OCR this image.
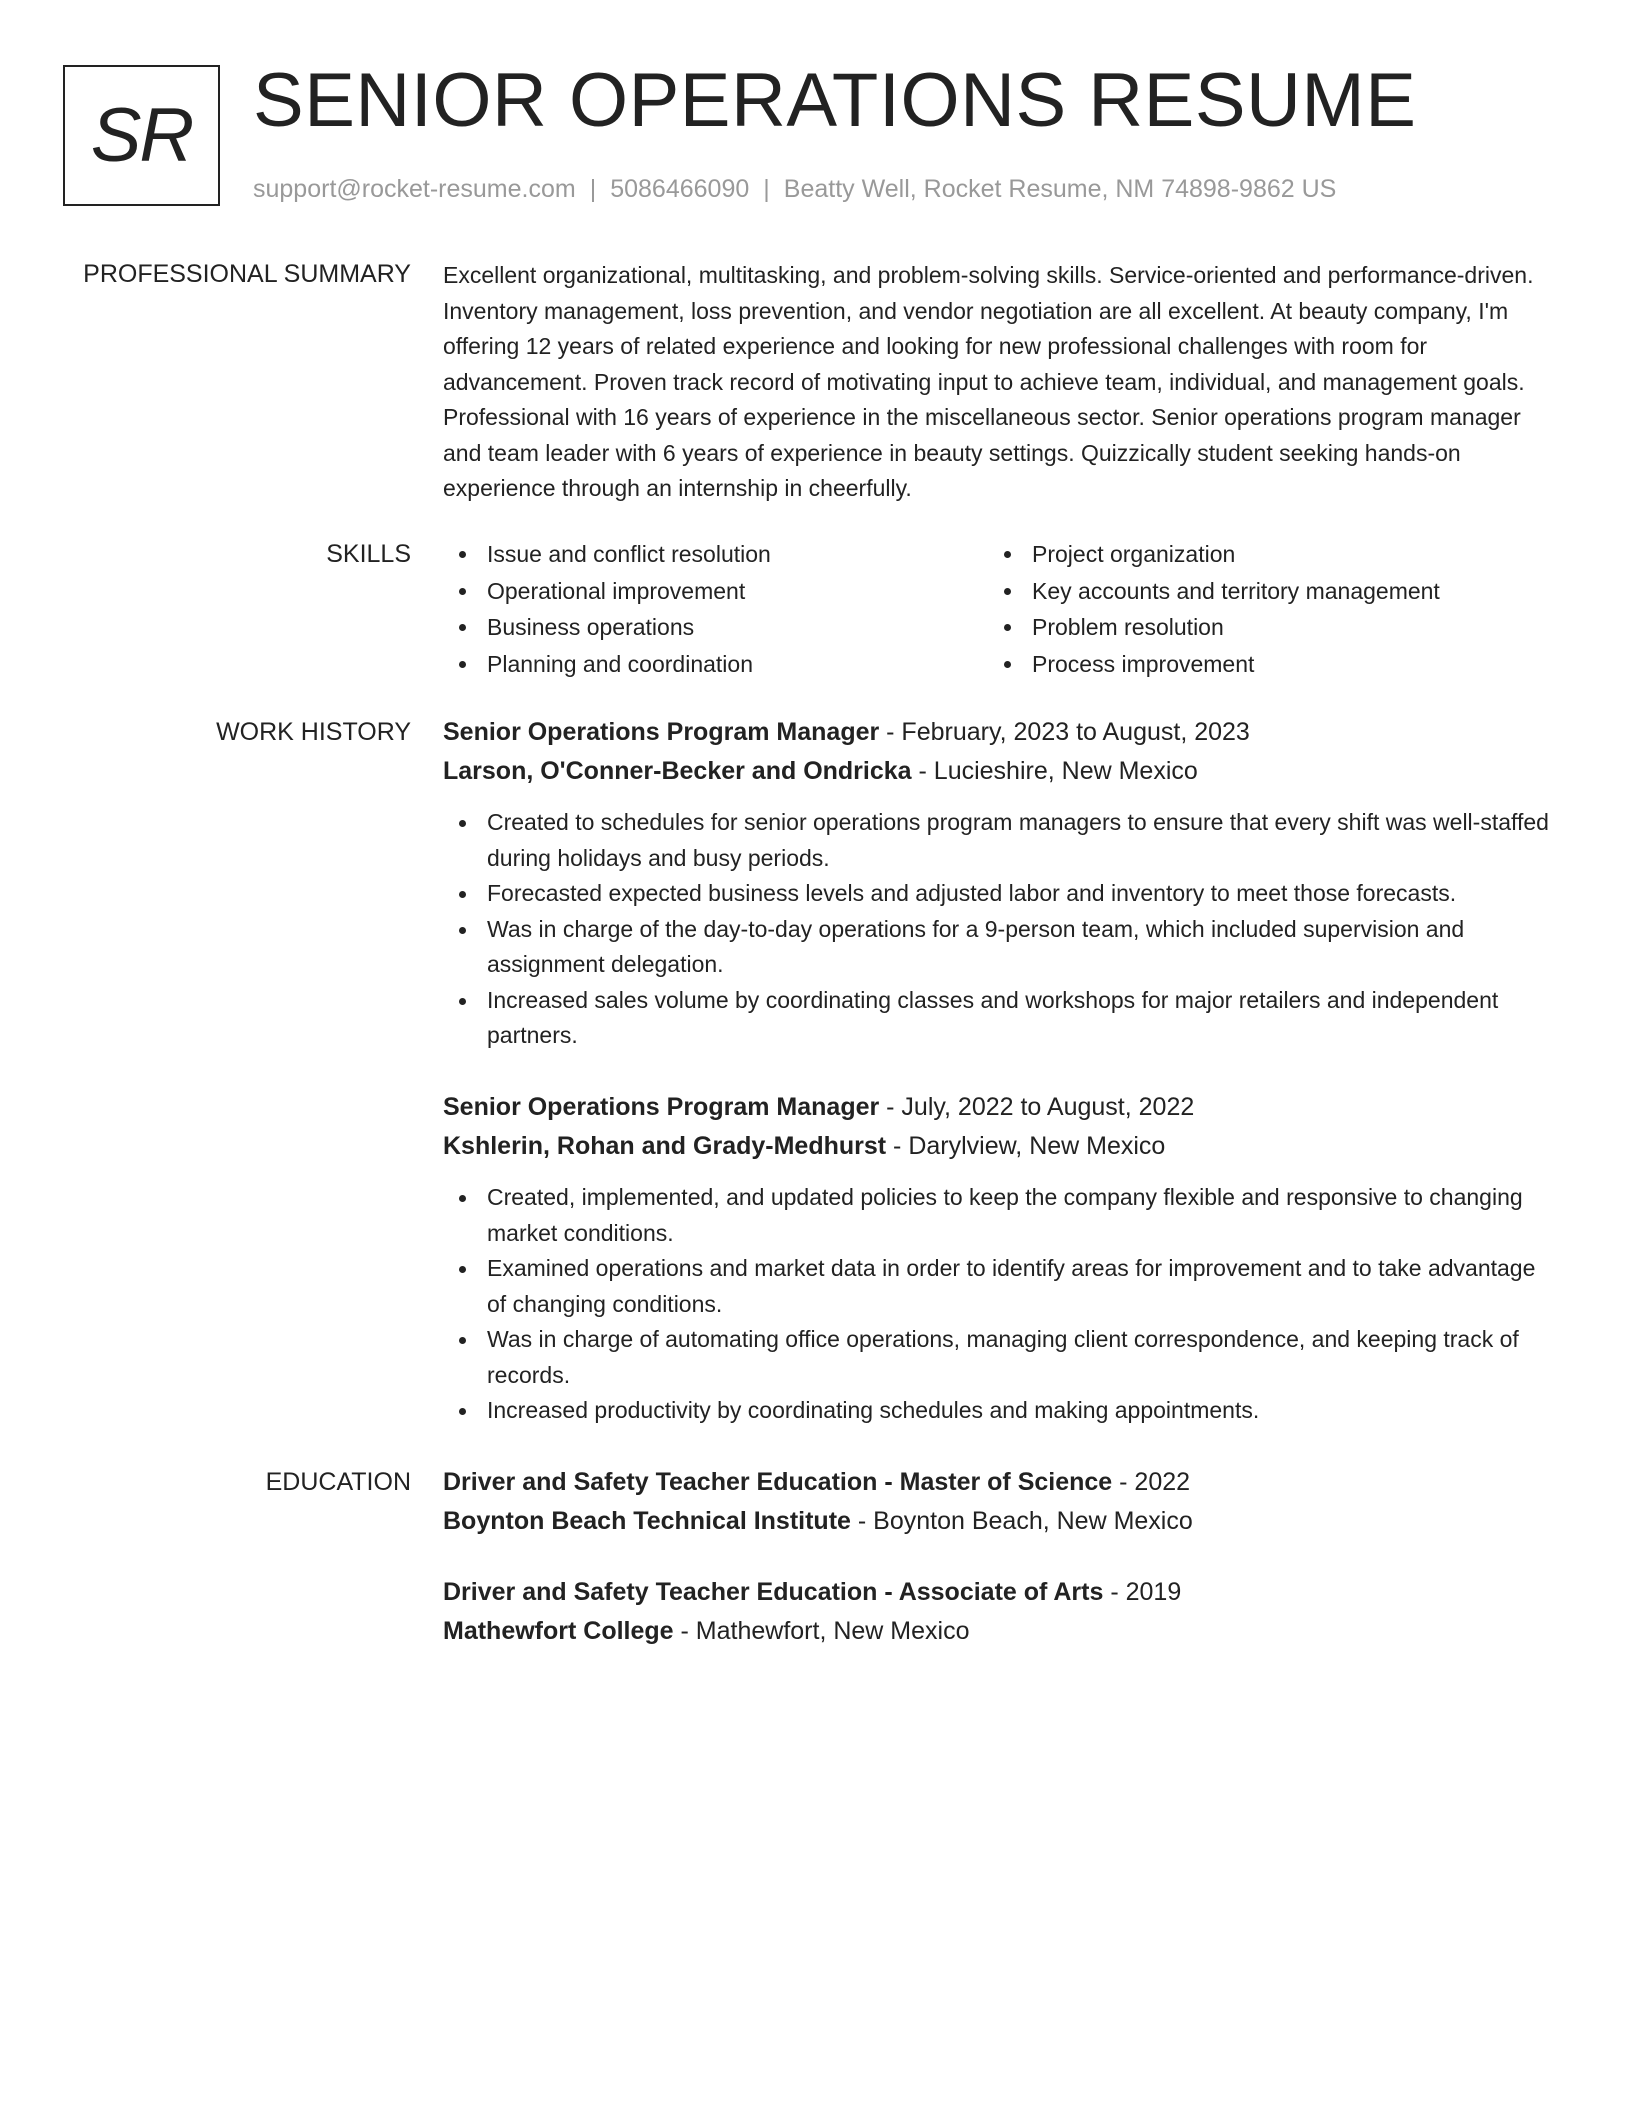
SR SENIOR OPERATIONS RESUME
support@rocket-resume.com | 5086466090 | Beatty Well, Rocket Resume, NM 74898-9862 US
PROFESSIONAL SUMMARY Excellent organizational, multitasking, and problem-solving skills. Service-oriented and performance-driven. Inventory management, loss prevention, and vendor negotiation are all excellent. At beauty company, I'm offering 12 years of related experience and looking for new professional challenges with room for advancement. Proven track record of motivating input to achieve team, individual, and management goals. Professional with 16 years of experience in the miscellaneous sector. Senior operations program manager and team leader with 6 years of experience in beauty settings. Quizzically student seeking hands-on experience through an internship in cheerfully.

SKILLS	Issue and conflict resolution
Operational improvement
Business operations
Planning and coordination
Project organization
Key accounts and territory management
Problem resolution
Process improvement
WORK HISTORY Senior Operations Program Manager - February, 2023 to August, 2023
Larson, O'Conner-Becker and Ondricka - Lucieshire, New Mexico
Created to schedules for senior operations program managers to ensure that every shift was well-staffed during holidays and busy periods.
Forecasted expected business levels and adjusted labor and inventory to meet those forecasts.
Was in charge of the day-to-day operations for a 9-person team, which included supervision and assignment delegation.
Increased sales volume by coordinating classes and workshops for major retailers and independent partners.
Senior Operations Program Manager - July, 2022 to August, 2022
Kshlerin, Rohan and Grady-Medhurst - Darylview, New Mexico
Created, implemented, and updated policies to keep the company flexible and responsive to changing market conditions.
Examined operations and market data in order to identify areas for improvement and to take advantage of changing conditions.
Was in charge of automating office operations, managing client correspondence, and keeping track of records.
Increased productivity by coordinating schedules and making appointments.
EDUCATION Driver and Safety Teacher Education - Master of Science - 2022
Boynton Beach Technical Institute - Boynton Beach, New Mexico
Driver and Safety Teacher Education - Associate of Arts - 2019
Mathewfort College - Mathewfort, New Mexico
